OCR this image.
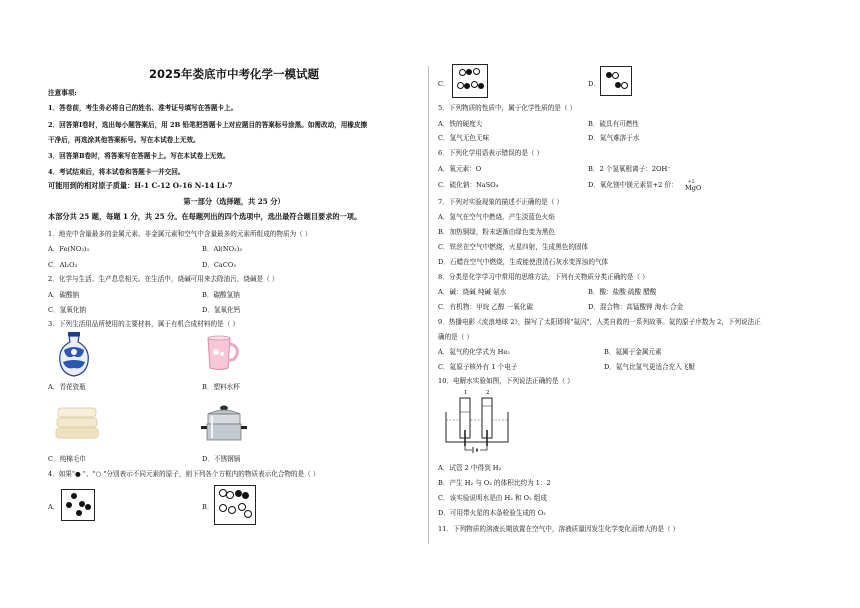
2025年娄底市中考化学一模试题
注意事项:
1．答卷前，考生务必将自己的姓名、准考证号填写在答题卡上。
2．回答第Ⅰ卷时，选出每小题答案后，用 2B 铅笔把答题卡上对应题目的答案标号涂黑。如需改动，用橡皮擦
干净后，再选涂其他答案标号。写在本试卷上无效。
3．回答第Ⅱ卷时，将答案写在答题卡上。写在本试卷上无效。
4．考试结束后，将本试卷和答题卡一并交回。
可能用到的相对原子质量：H-1 C-12 O-16 N-14 Li-7
第一部分（选择题，共 25 分）
本部分共 25 题，每题 1 分，共 25 分。在每题列出的四个选项中，选出最符合题目要求的一项。
1．地壳中含量最多的金属元素、非金属元素和空气中含量最多的元素所组成的物质为（ ）
A．Fe(NO₃)₃	B．Al(NO₃)₃
C．Al₂O₃	D．CaCO₃
2．化学与生活、生产息息相关。在生活中，烧碱可用来去除油污，烧碱是（ ）
A．碳酸钠	B．碳酸氢钠
C．氢氧化钠	D．氢氧化钙
3．下列生活用品所使用的主要材料，属于有机合成材料的是（ ）
A．青花瓷瓶	B．塑料水杯
C．纯棉毛巾	D．不锈钢锅
4．如果"● "、"○ "分别表示不同元素的原子，则下列各个方框内的物质表示化合物的是（ ）
A．	B．
C．	D．
5．下列物质的性质中，属于化学性质的是（ ）
A．铁的硬度大	B．硫具有可燃性
C．氢气无色无味	D．氮气难溶于水
6．下列化学用语表示错误的是（ ）
A．氧元素：O	B．2 个氢氧根离子：2OH⁻
C．硫化钠：NaSO₄	D．氧化镁中镁元素显+2 价： +2
MgO
7．下列对实验现象的描述不正确的是（ ）
A．氢气在空气中燃烧，产生淡蓝色火焰
B．加热铜绿，粉末逐渐由绿色变为黑色
C．铁丝在空气中燃烧，火星四射，生成黑色的固体
D．石蜡在空气中燃烧，生成能使澄清石灰水变浑浊的气体
8．分类是化学学习中常用的思维方法，下列有关物质分类正确的是（ ）
A．碱：烧碱 纯碱 氨水	B．酸：盐酸 硫酸 醋酸
C．有机物：甲烷 乙醇 一氧化碳	D．混合物：高锰酸钾 海水 合金
9．热播电影《流浪地球 2》，描写了太阳即将"氦闪"，人类自救的一系列故事。氦的原子序数为 2，下列说法正
确的是（ ）
A．氦气的化学式为 He₂	B．氦属于金属元素
C．氦原子核外有 1 个电子	D．氦气比氢气更适合充入飞艇
10．电解水实验如图，下列说法正确的是（ ）
1	2
A．试管 2 中得到 H₂
B．产生 H₂ 与 O₂ 的体积比约为 1：2
C．该实验说明水是由 H₂ 和 O₂ 组成
D．可用带火星的木条检验生成的 O₂
11．下列物质的溶液长期放置在空气中，溶液质量因发生化学变化而增大的是（ ）
